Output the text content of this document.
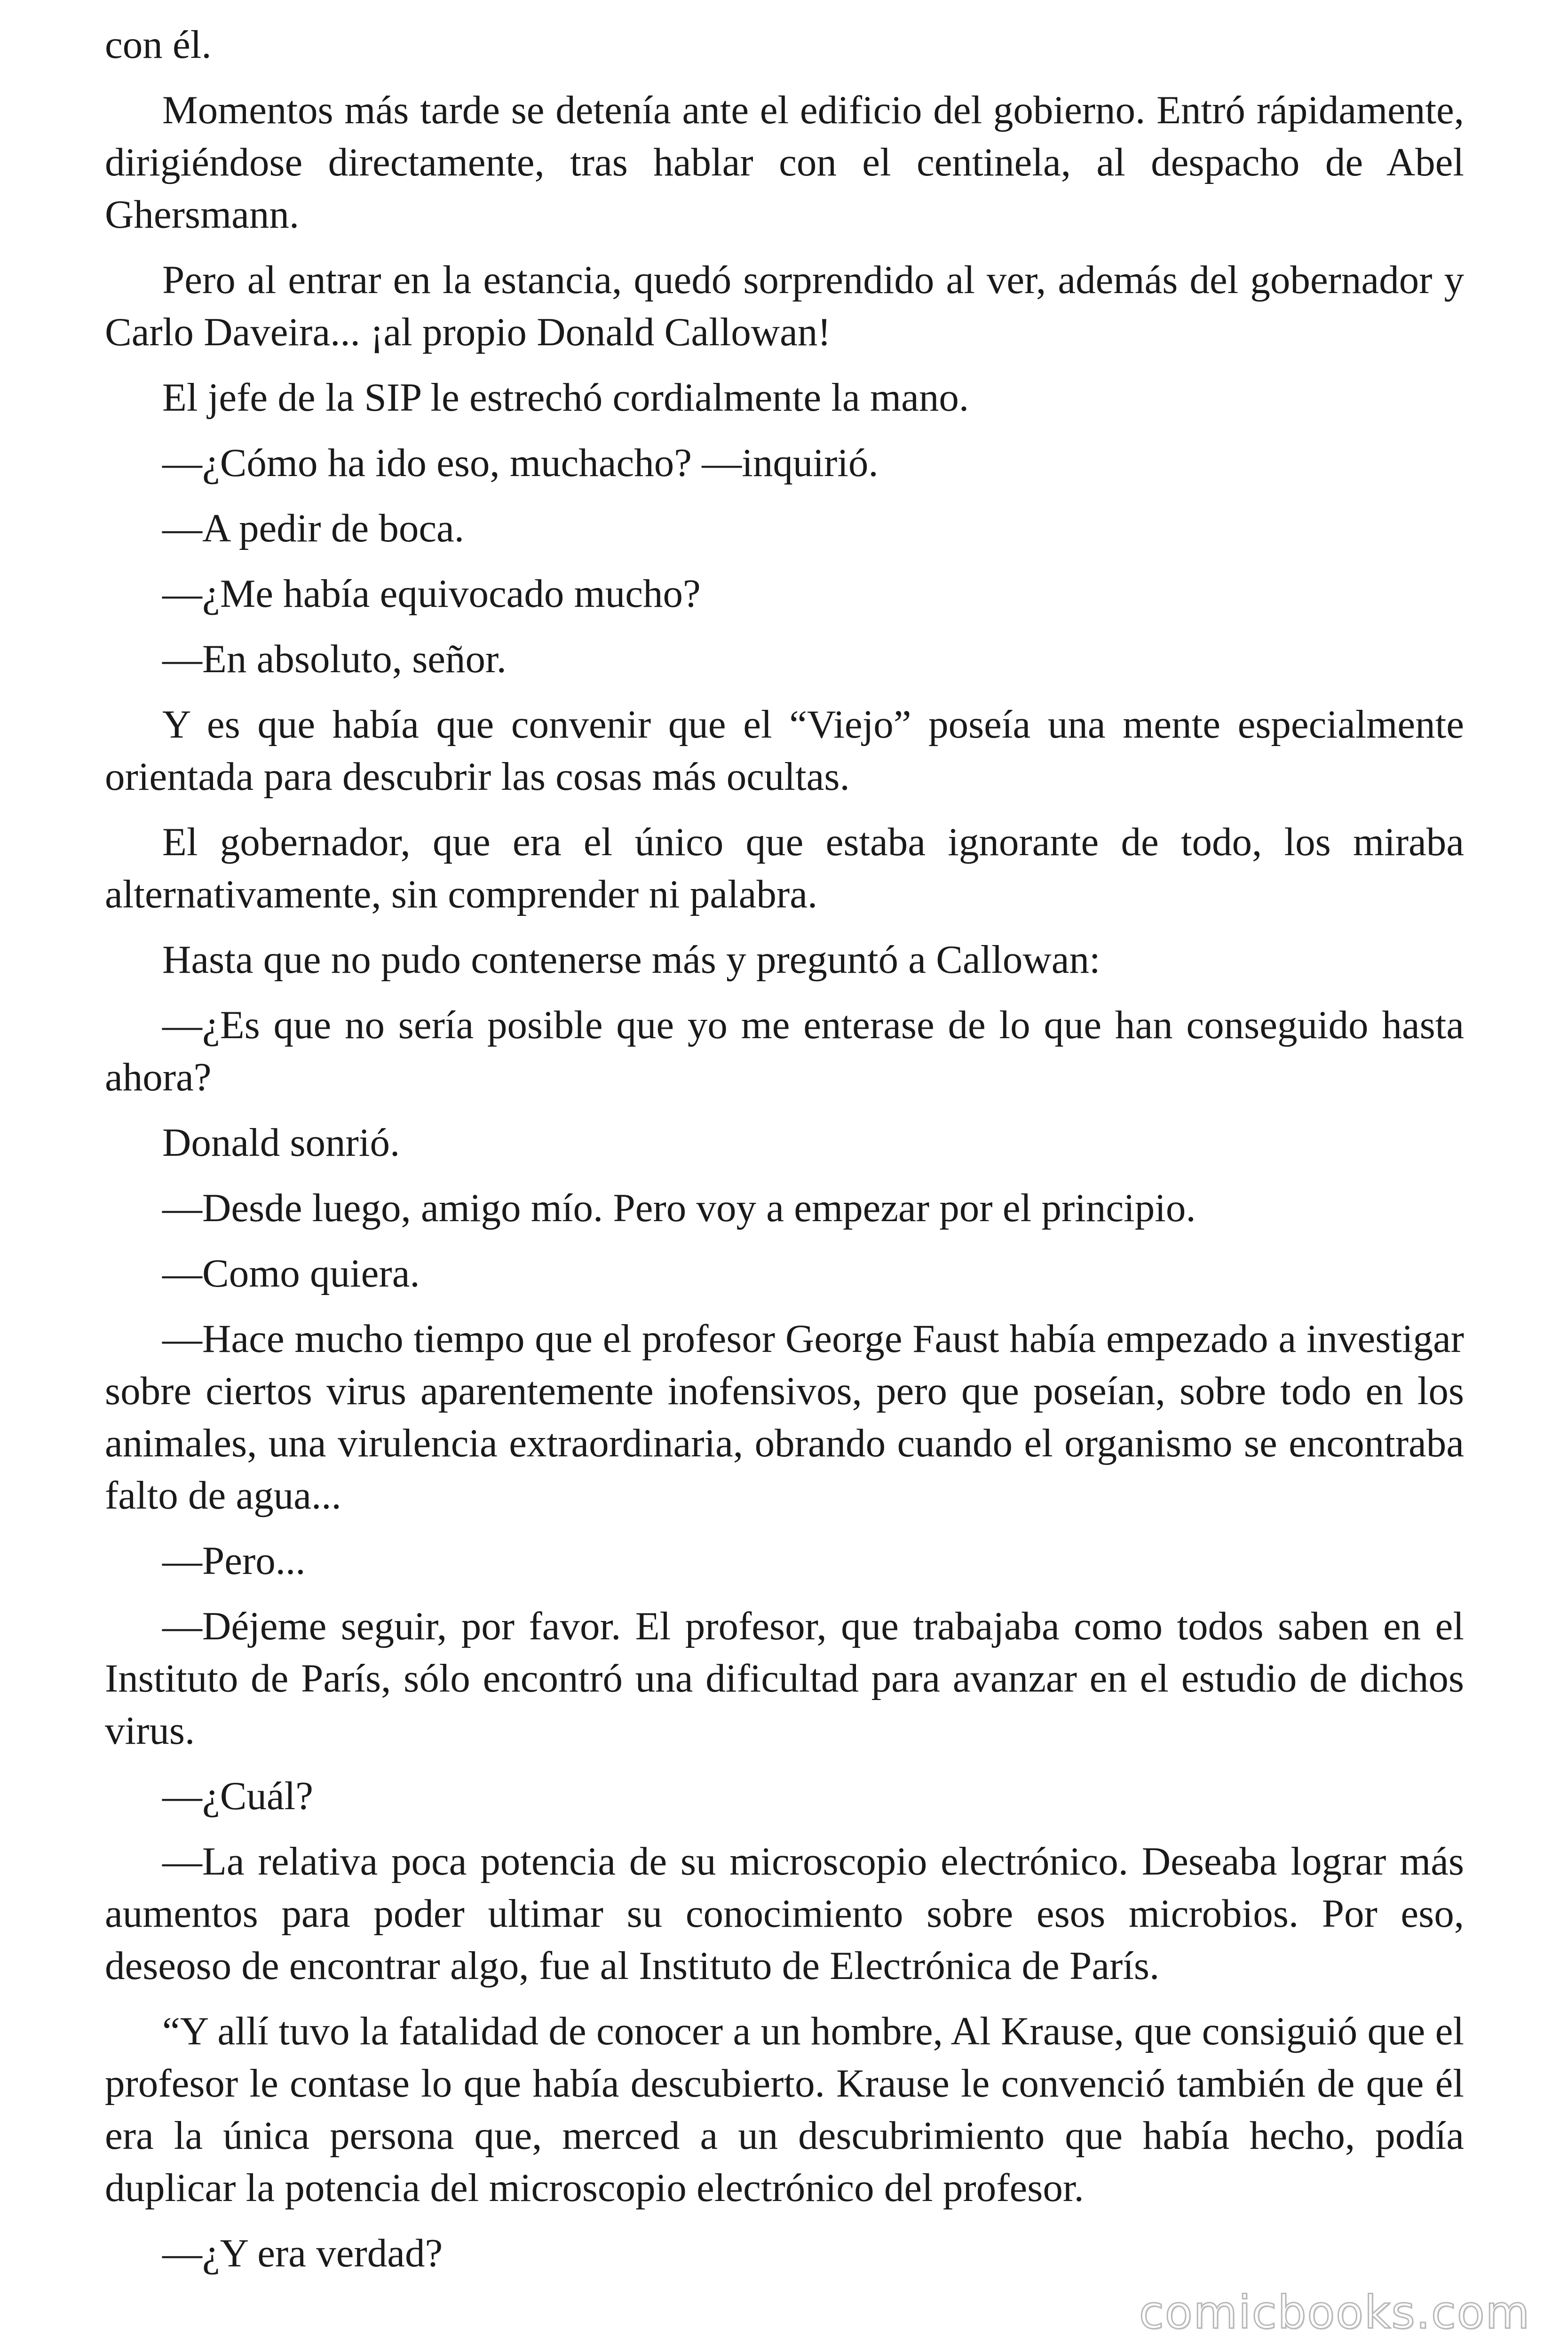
con él.

Momentos más tarde se detenía ante el edificio del gobierno. Entró rápidamente, dirigiéndose directamente, tras hablar con el centinela, al despacho de Abel Ghersmann.

Pero al entrar en la estancia, quedó sorprendido al ver, además del gobernador y Carlo Daveira... ¡al propio Donald Callowan!

El jefe de la SIP le estrechó cordialmente la mano.

—¿Cómo ha ido eso, muchacho? —inquirió.

—A pedir de boca.

—¿Me había equivocado mucho?

—En absoluto, señor.

Y es que había que convenir que el “Viejo” poseía una mente especialmente orientada para descubrir las cosas más ocultas.

El gobernador, que era el único que estaba ignorante de todo, los miraba alternativamente, sin comprender ni palabra.

Hasta que no pudo contenerse más y preguntó a Callowan:

—¿Es que no sería posible que yo me enterase de lo que han conseguido hasta ahora?

Donald sonrió.

—Desde luego, amigo mío. Pero voy a empezar por el principio.

—Como quiera.

—Hace mucho tiempo que el profesor George Faust había empezado a investigar sobre ciertos virus aparentemente inofensivos, pero que poseían, sobre todo en los animales, una virulencia extraordinaria, obrando cuando el organismo se encontraba falto de agua...

—Pero...

—Déjeme seguir, por favor. El profesor, que trabajaba como todos saben en el Instituto de París, sólo encontró una dificultad para avanzar en el estudio de dichos virus.

—¿Cuál?

—La relativa poca potencia de su microscopio electrónico. Deseaba lograr más aumentos para poder ultimar su conocimiento sobre esos microbios. Por eso, deseoso de encontrar algo, fue al Instituto de Electrónica de París.

“Y allí tuvo la fatalidad de conocer a un hombre, Al Krause, que consiguió que el profesor le contase lo que había descubierto. Krause le convenció también de que él era la única persona que, merced a un descubrimiento que había hecho, podía duplicar la potencia del microscopio electrónico del profesor.

—¿Y era verdad?

comicbooks.com
